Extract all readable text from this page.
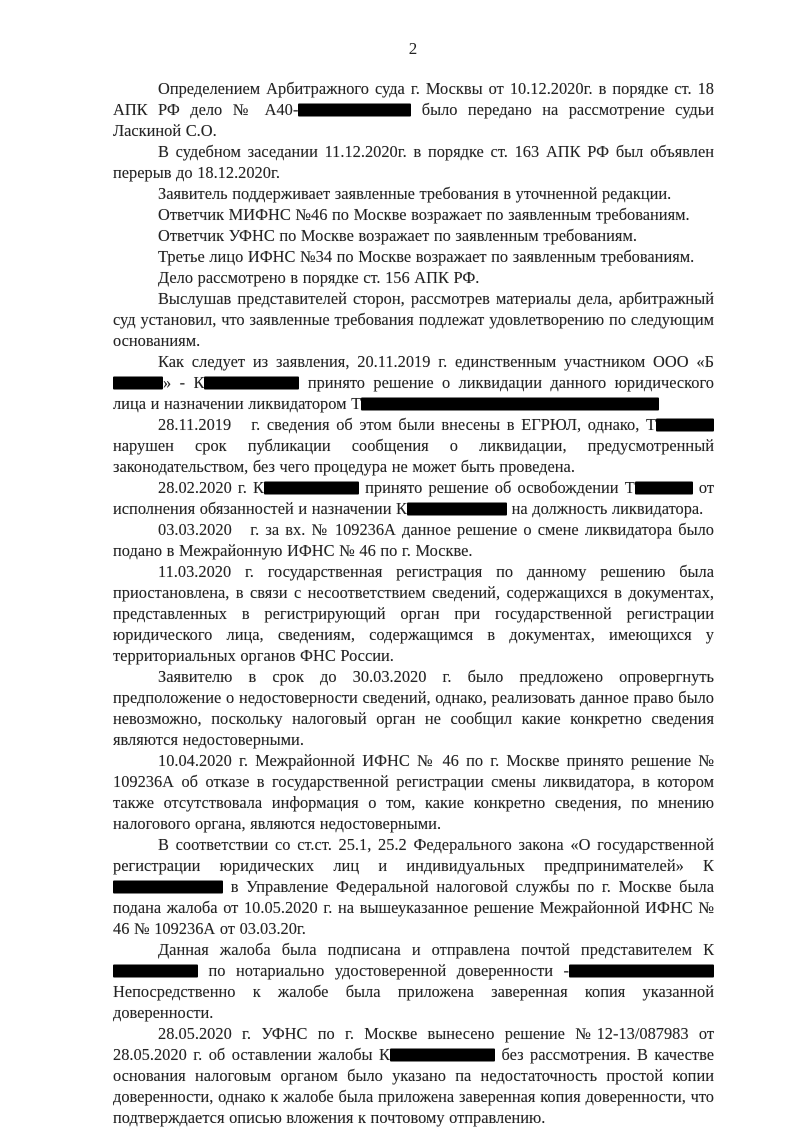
2

Определением Арбитражного суда г. Москвы от 10.12.2020г. в порядке ст. 18 АПК РФ дело № А40-	было передано на рассмотрение судьи Ласкиной С.О.

В судебном заседании 11.12.2020г. в порядке ст. 163 АПК РФ был объявлен перерыв до 18.12.2020г.

Заявитель поддерживает заявленные требования в уточненной редакции.

Ответчик МИФНС №46 по Москве возражает по заявленным требованиям.

Ответчик УФНС по Москве возражает по заявленным требованиям.

Третье лицо ИФНС №34 по Москве возражает по заявленным требованиям.

Дело рассмотрено в порядке ст. 156 АПК РФ.

Выслушав представителей сторон, рассмотрев материалы дела, арбитражный суд установил, что заявленные требования подлежат удовлетворению по следующим основаниям.

Как следует из заявления, 20.11.2019 г. единственным участником ООО «Б» - К	принято решение о ликвидации данного юридического лица и назначении ликвидатором Т

28.11.2019   г. сведения об этом были внесены в ЕГРЮЛ, однако, Т нарушен срок публикации сообщения о ликвидации, предусмотренный законодательством, без чего процедура не может быть проведена.

28.02.2020 г. К	принято решение об освобождении Т	от исполнения обязанностей и назначении К	на должность ликвидатора.

03.03.2020   г. за вх. № 109236А данное решение о смене ликвидатора было подано в Межрайонную ИФНС № 46 по г. Москве.

11.03.2020 г. государственная регистрация по данному решению была приостановлена, в связи с несоответствием сведений, содержащихся в документах, представленных в регистрирующий орган при государственной регистрации юридического лица, сведениям, содержащимся в документах, имеющихся у территориальных органов ФНС России.

Заявителю в срок до 30.03.2020 г. было предложено опровергнуть предположение о недостоверности сведений, однако, реализовать данное право было невозможно, поскольку налоговый орган не сообщил какие конкретно сведения являются недостоверными.

10.04.2020 г. Межрайонной ИФНС № 46 по г. Москве принято решение № 109236А об отказе в государственной регистрации смены ликвидатора, в котором также отсутствовала информация о том, какие конкретно сведения, по мнению налогового органа, являются недостоверными.

В соответствии со ст.ст. 25.1, 25.2 Федерального закона «О государственной регистрации юридических лиц и индивидуальных предпринимателей» К в Управление Федеральной налоговой службы по г. Москве была подана жалоба от 10.05.2020 г. на вышеуказанное решение Межрайонной ИФНС № 46 № 109236А от 03.03.20г.

Данная жалоба была подписана и отправлена почтой представителем К по нотариально удостоверенной доверенности - Непосредственно к жалобе была приложена заверенная копия указанной доверенности.

28.05.2020 г. УФНС по г. Москве вынесено решение №12-13/087983 от 28.05.2020 г. об оставлении жалобы К	без рассмотрения. В качестве основания налоговым органом было указано па недостаточность простой копии доверенности, однако к жалобе была приложена заверенная копия доверенности, что подтверждается описью вложения к почтовому отправлению.
